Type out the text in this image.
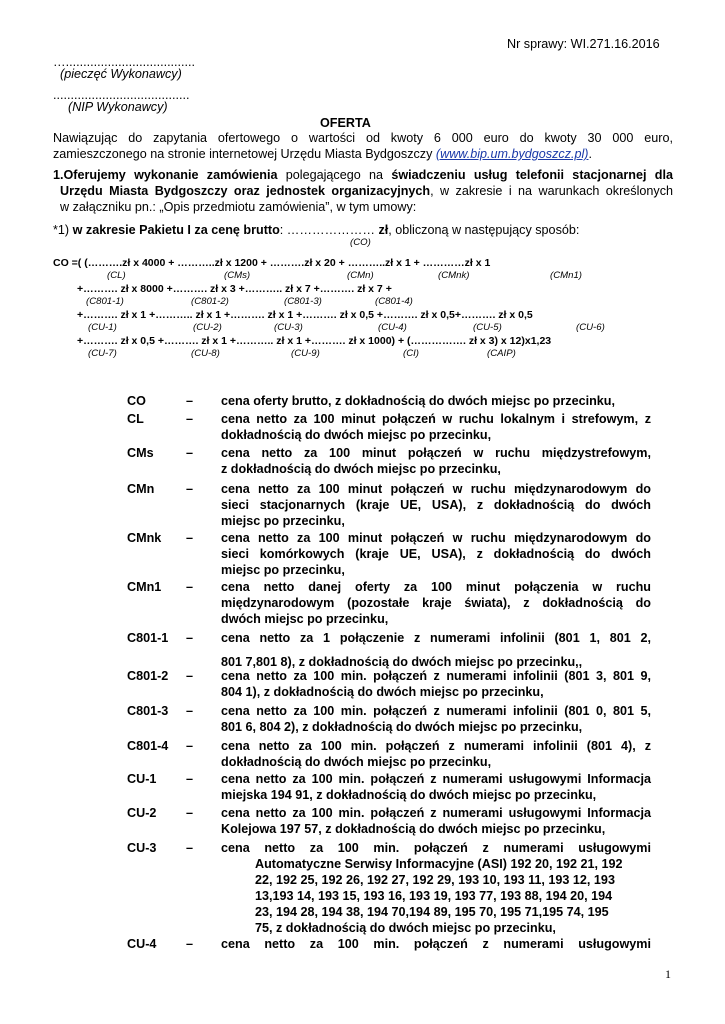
Nr sprawy: WI.271.16.2016
….....................................
(pieczęć Wykonawcy)
.......................................
(NIP Wykonawcy)
OFERTA
Nawiązując do zapytania ofertowego o wartości od kwoty 6 000 euro do kwoty 30 000 euro,
zamieszczonego na stronie internetowej Urzędu Miasta Bydgoszczy (www.bip.um.bydgoszcz.pl).
1.Oferujemy wykonanie zamówienia polegającego na świadczeniu usług telefonii stacjonarnej dla
Urzędu Miasta Bydgoszczy oraz jednostek organizacyjnych, w zakresie i na warunkach określonych
w załączniku pn.: „Opis przedmiotu zamówienia”, w tym umowy:
*1) w zakresie Pakietu I za cenę brutto: ………………… zł, obliczoną w następujący sposób:
(CO)
CO =( (……….zł x 4000 + ………..zł x 1200 + ……….zł x 20 + ………..zł x 1 + …………zł x 1
(CL)	(CMs)	(CMn)	(CMnk)	(CMn1)
+………. zł x 8000 +………. zł x 3 +……….. zł x 7 +………. zł x 7 +
(C801-1)	(C801-2)	(C801-3)	(C801-4)
+………. zł x 1 +……….. zł x 1 +………. zł x 1 +………. zł x 0,5 +………. zł x 0,5+………. zł x 0,5
(CU-1)	(CU-2)	(CU-3)	(CU-4)	(CU-5)	(CU-6)
+………. zł x 0,5 +………. zł x 1 +……….. zł x 1 +………. zł x 1000) + (……………. zł x 3) x 12)x1,23
(CU-7)	(CU-8)	(CU-9)	(CI)	(CAIP)
CO	– cena oferty brutto, z dokładnością do dwóch miejsc po przecinku,
CL	– cena netto za 100 minut połączeń w ruchu lokalnym i strefowym, z
dokładnością do dwóch miejsc po przecinku,
CMs	– cena netto za 100 minut połączeń w ruchu międzystrefowym,
z dokładnością do dwóch miejsc po przecinku,
CMn	– cena netto za 100 minut połączeń w ruchu międzynarodowym do
sieci stacjonarnych (kraje UE, USA), z dokładnością do dwóch
miejsc po przecinku,
CMnk – cena netto za 100 minut połączeń w ruchu międzynarodowym do
sieci komórkowych (kraje UE, USA), z dokładnością do dwóch
miejsc po przecinku,
CMn1 – cena netto danej oferty za 100 minut połączenia w ruchu
międzynarodowym (pozostałe kraje świata), z dokładnością do
dwóch miejsc po przecinku,
C801-1 – cena netto za 1 połączenie z numerami infolinii (801 1, 801 2,
801 7,801 8), z dokładnością do dwóch miejsc po przecinku,,
C801-2 – cena netto za 100 min. połączeń z numerami infolinii (801 3, 801 9,
804 1), z dokładnością do dwóch miejsc po przecinku,
C801-3 – cena netto za 100 min. połączeń z numerami infolinii (801 0, 801 5,
801 6, 804 2), z dokładnością do dwóch miejsc po przecinku,
C801-4 – cena netto za 100 min. połączeń z numerami infolinii (801 4), z
dokładnością do dwóch miejsc po przecinku,
CU-1 – cena netto za 100 min. połączeń z numerami usługowymi Informacja
miejska 194 91, z dokładnością do dwóch miejsc po przecinku,
CU-2 – cena netto za 100 min. połączeń z numerami usługowymi Informacja
Kolejowa 197 57, z dokładnością do dwóch miejsc po przecinku,
CU-3 – cena netto za 100 min. połączeń z numerami usługowymi
Automatyczne Serwisy Informacyjne (ASI) 192 20, 192 21, 192
22, 192 25, 192 26, 192 27, 192 29, 193 10, 193 11, 193 12, 193
13,193 14, 193 15, 193 16, 193 19, 193 77, 193 88, 194 20, 194
23, 194 28, 194 38, 194 70,194 89, 195 70, 195 71,195 74, 195
75, z dokładnością do dwóch miejsc po przecinku,
CU-4 – cena netto za 100 min. połączeń z numerami usługowymi
1
